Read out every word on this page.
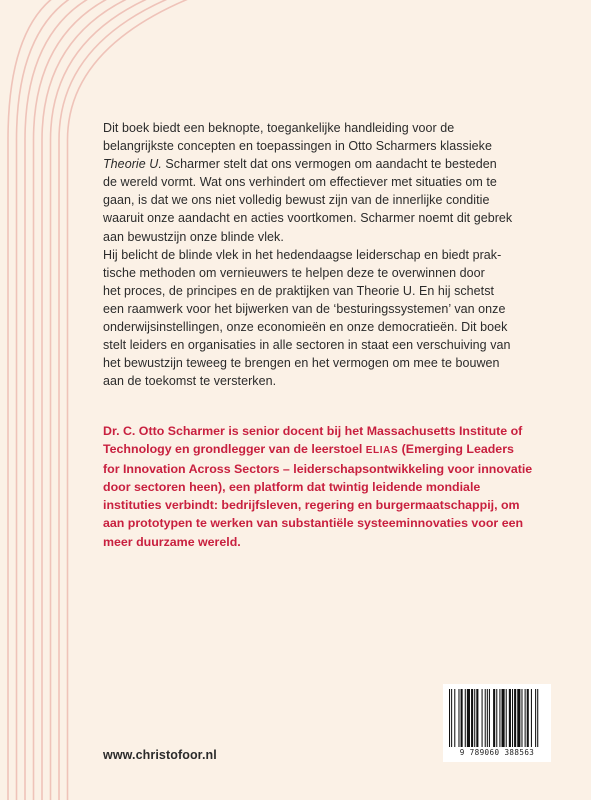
Dit boek biedt een beknopte, toegankelijke handleiding voor de
belangrijkste concepten en toepassingen in Otto Scharmers klassieke
Theorie U. Scharmer stelt dat ons vermogen om aandacht te besteden
de wereld vormt. Wat ons verhindert om effectiever met situaties om te
gaan, is dat we ons niet volledig bewust zijn van de innerlijke conditie
waaruit onze aandacht en acties voortkomen. Scharmer noemt dit gebrek
aan bewustzijn onze blinde vlek.
Hij belicht de blinde vlek in het hedendaagse leiderschap en biedt prak-
tische methoden om vernieuwers te helpen deze te overwinnen door
het proces, de principes en de praktijken van Theorie U. En hij schetst
een raamwerk voor het bijwerken van de ‘besturingssystemen’ van onze
onderwijsinstellingen, onze economieën en onze democratieën. Dit boek
stelt leiders en organisaties in alle sectoren in staat een verschuiving van
het bewustzijn teweeg te brengen en het vermogen om mee te bouwen
aan de toekomst te versterken.
Dr. C. Otto Scharmer is senior docent bij het Massachusetts Institute of
Technology en grondlegger van de leerstoel ELIAS (Emerging Leaders
for Innovation Across Sectors – leiderschapsontwikkeling voor innovatie
door sectoren heen), een platform dat twintig leidende mondiale
instituties verbindt: bedrijfsleven, regering en burgermaatschappij, om
aan prototypen te werken van substantiële systeeminnovaties voor een
meer duurzame wereld.
www.christofoor.nl	9 789060 388563
